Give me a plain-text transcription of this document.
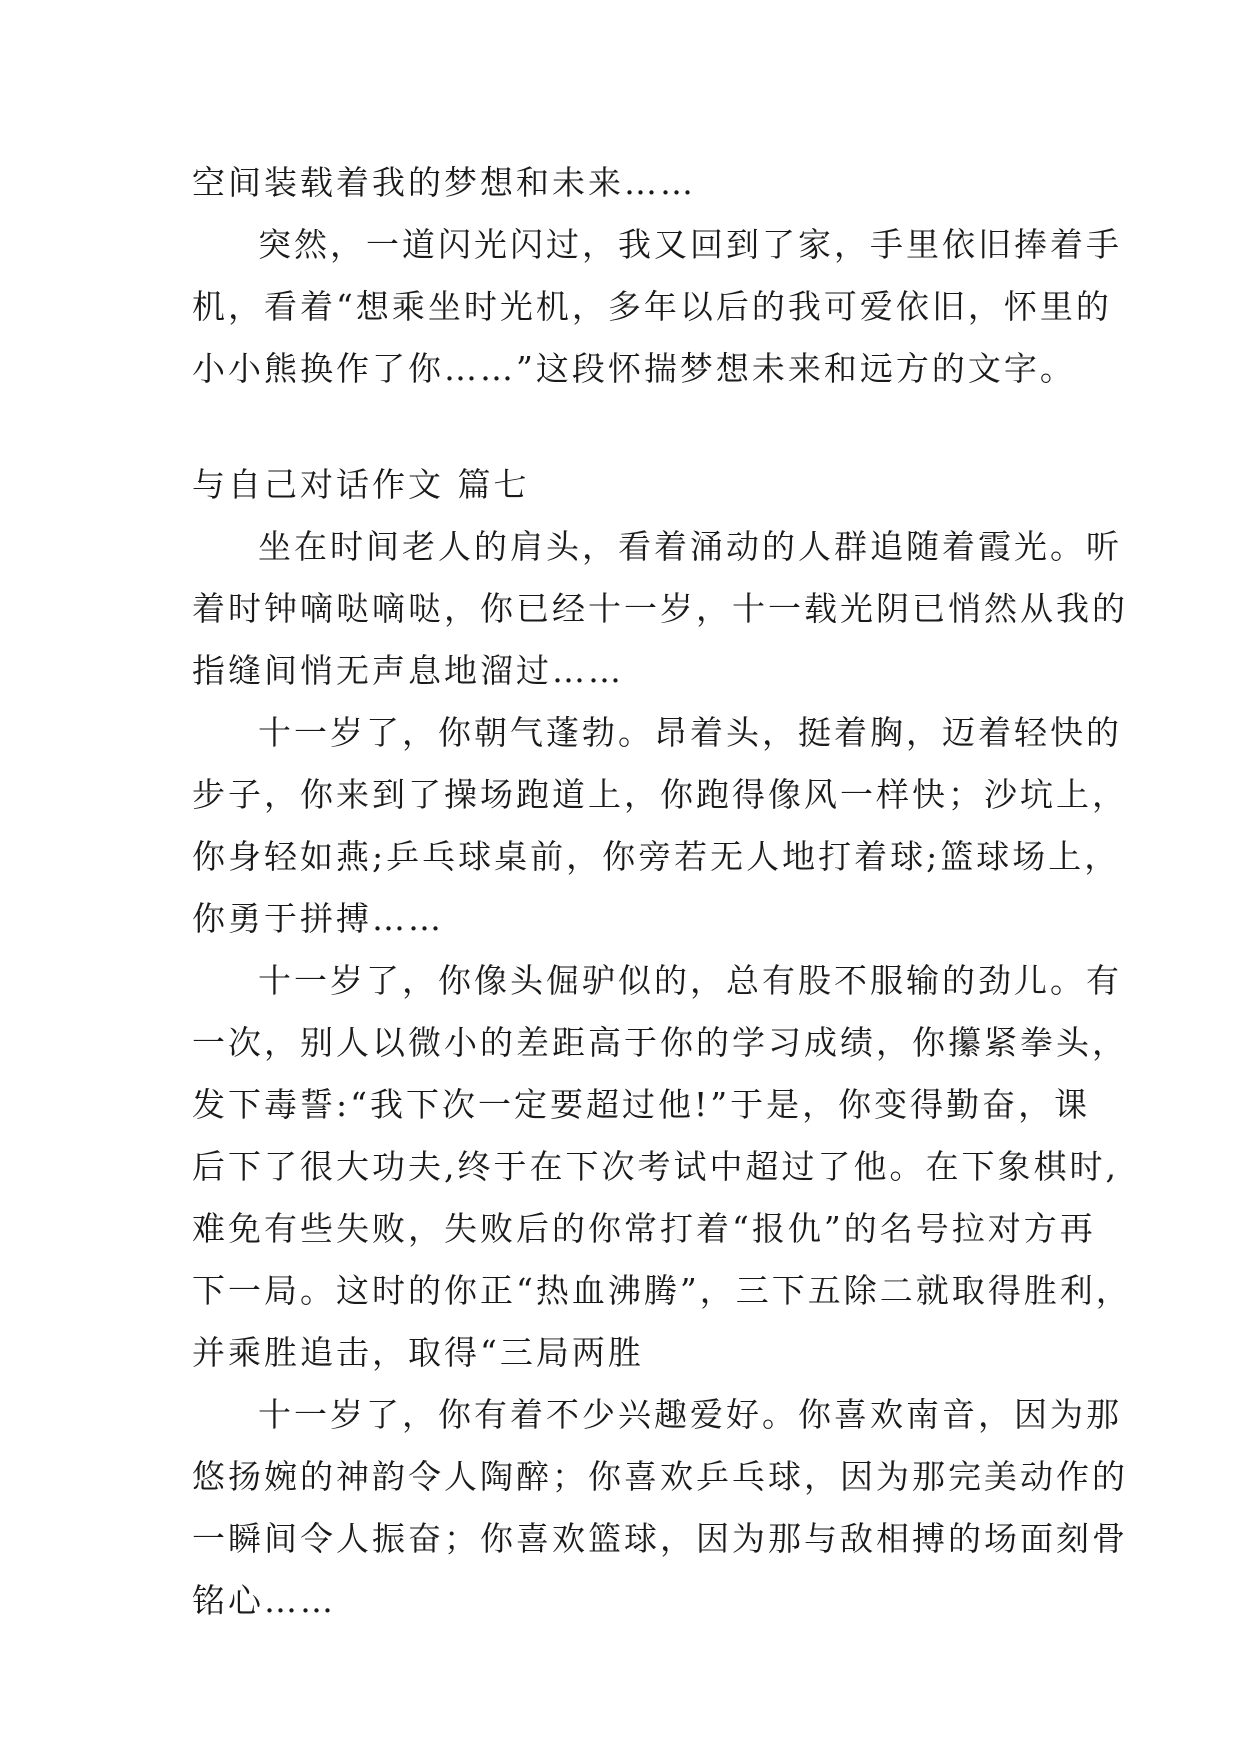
空间装载着我的梦想和未来……
突然，一道闪光闪过，我又回到了家，手里依旧捧着手
机，看着“想乘坐时光机，多年以后的我可爱依旧，怀里的
小小熊换作了你……”这段怀揣梦想未来和远方的文字。
与自己对话作文 篇七
坐在时间老人的肩头，看着涌动的人群追随着霞光。听
着时钟嘀哒嘀哒，你已经十一岁，十一载光阴已悄然从我的
指缝间悄无声息地溜过……
十一岁了，你朝气蓬勃。昂着头，挺着胸，迈着轻快的
步子，你来到了操场跑道上，你跑得像风一样快；沙坑上，
你身轻如燕;乒乓球桌前，你旁若无人地打着球;篮球场上，
你勇于拼搏……
十一岁了，你像头倔驴似的，总有股不服输的劲儿。有
一次，别人以微小的差距高于你的学习成绩，你攥紧拳头，
发下毒誓:“我下次一定要超过他!”于是，你变得勤奋，课
后下了很大功夫,终于在下次考试中超过了他。在下象棋时,
难免有些失败，失败后的你常打着“报仇”的名号拉对方再
下一局。这时的你正“热血沸腾”，三下五除二就取得胜利，
并乘胜追击，取得“三局两胜
十一岁了，你有着不少兴趣爱好。你喜欢南音，因为那
悠扬婉的神韵令人陶醉；你喜欢乒乓球，因为那完美动作的
一瞬间令人振奋；你喜欢篮球，因为那与敌相搏的场面刻骨
铭心……
